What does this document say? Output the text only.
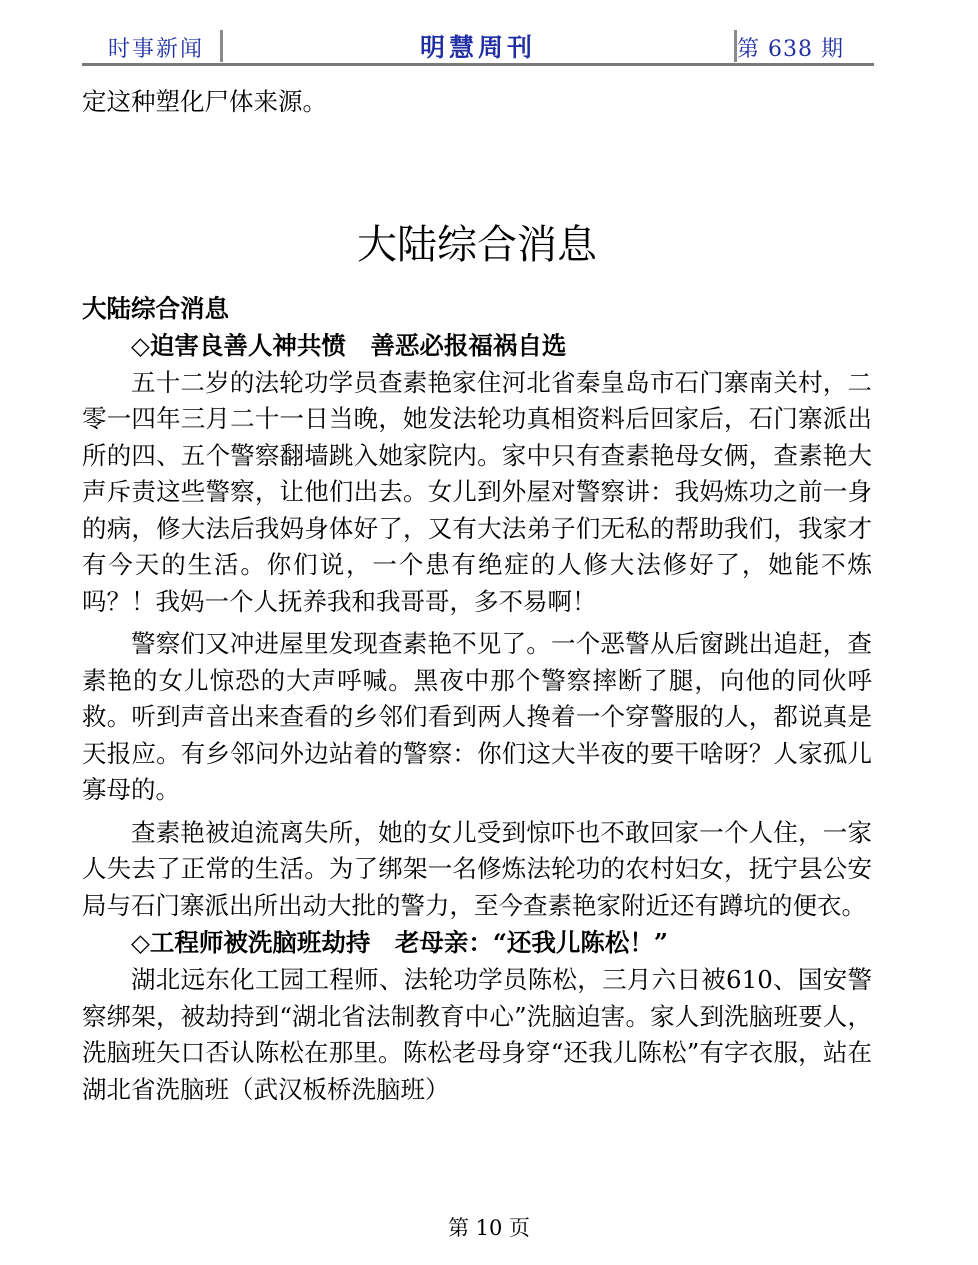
时事新闻	明慧周刊	第 638 期

定这种塑化尸体来源。

大陆综合消息
大陆综合消息
◇迫害良善人神共愤　善恶必报福祸自选

五十二岁的法轮功学员查素艳家住河北省秦皇岛市石门寨南关村，二零一四年三月二十一日当晚，她发法轮功真相资料后回家后，石门寨派出所的四、五个警察翻墙跳入她家院内。家中只有查素艳母女俩，查素艳大声斥责这些警察，让他们出去。女儿到外屋对警察讲：我妈炼功之前一身的病，修大法后我妈身体好了，又有大法弟子们无私的帮助我们，我家才有今天的生活。你们说，一个患有绝症的人修大法修好了，她能不炼吗？！我妈一个人抚养我和我哥哥，多不易啊！

警察们又冲进屋里发现查素艳不见了。一个恶警从后窗跳出追赶，查素艳的女儿惊恐的大声呼喊。黑夜中那个警察摔断了腿，向他的同伙呼救。听到声音出来查看的乡邻们看到两人搀着一个穿警服的人，都说真是天报应。有乡邻问外边站着的警察：你们这大半夜的要干啥呀？人家孤儿寡母的。

查素艳被迫流离失所，她的女儿受到惊吓也不敢回家一个人住，一家人失去了正常的生活。为了绑架一名修炼法轮功的农村妇女，抚宁县公安局与石门寨派出所出动大批的警力，至今查素艳家附近还有蹲坑的便衣。

◇工程师被洗脑班劫持　老母亲：“还我儿陈松！”

湖北远东化工园工程师、法轮功学员陈松，三月六日被610、国安警察绑架，被劫持到“湖北省法制教育中心”洗脑迫害。家人到洗脑班要人，洗脑班矢口否认陈松在那里。陈松老母身穿“还我儿陈松”有字衣服，站在湖北省洗脑班（武汉板桥洗脑班）

第 10 页
